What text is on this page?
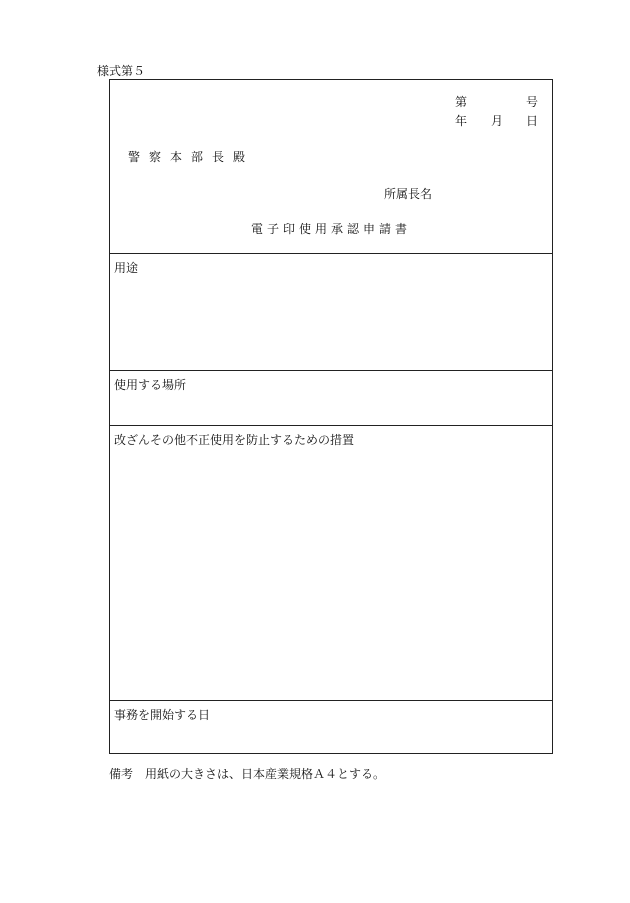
様式第５
第	号
年 月 日
警察本部長殿
所属長名
電子印使用承認申請書
用途
使用する場所
改ざんその他不正使用を防止するための措置
事務を開始する日
備考 用紙の大きさは、日本産業規格Ａ４とする。
